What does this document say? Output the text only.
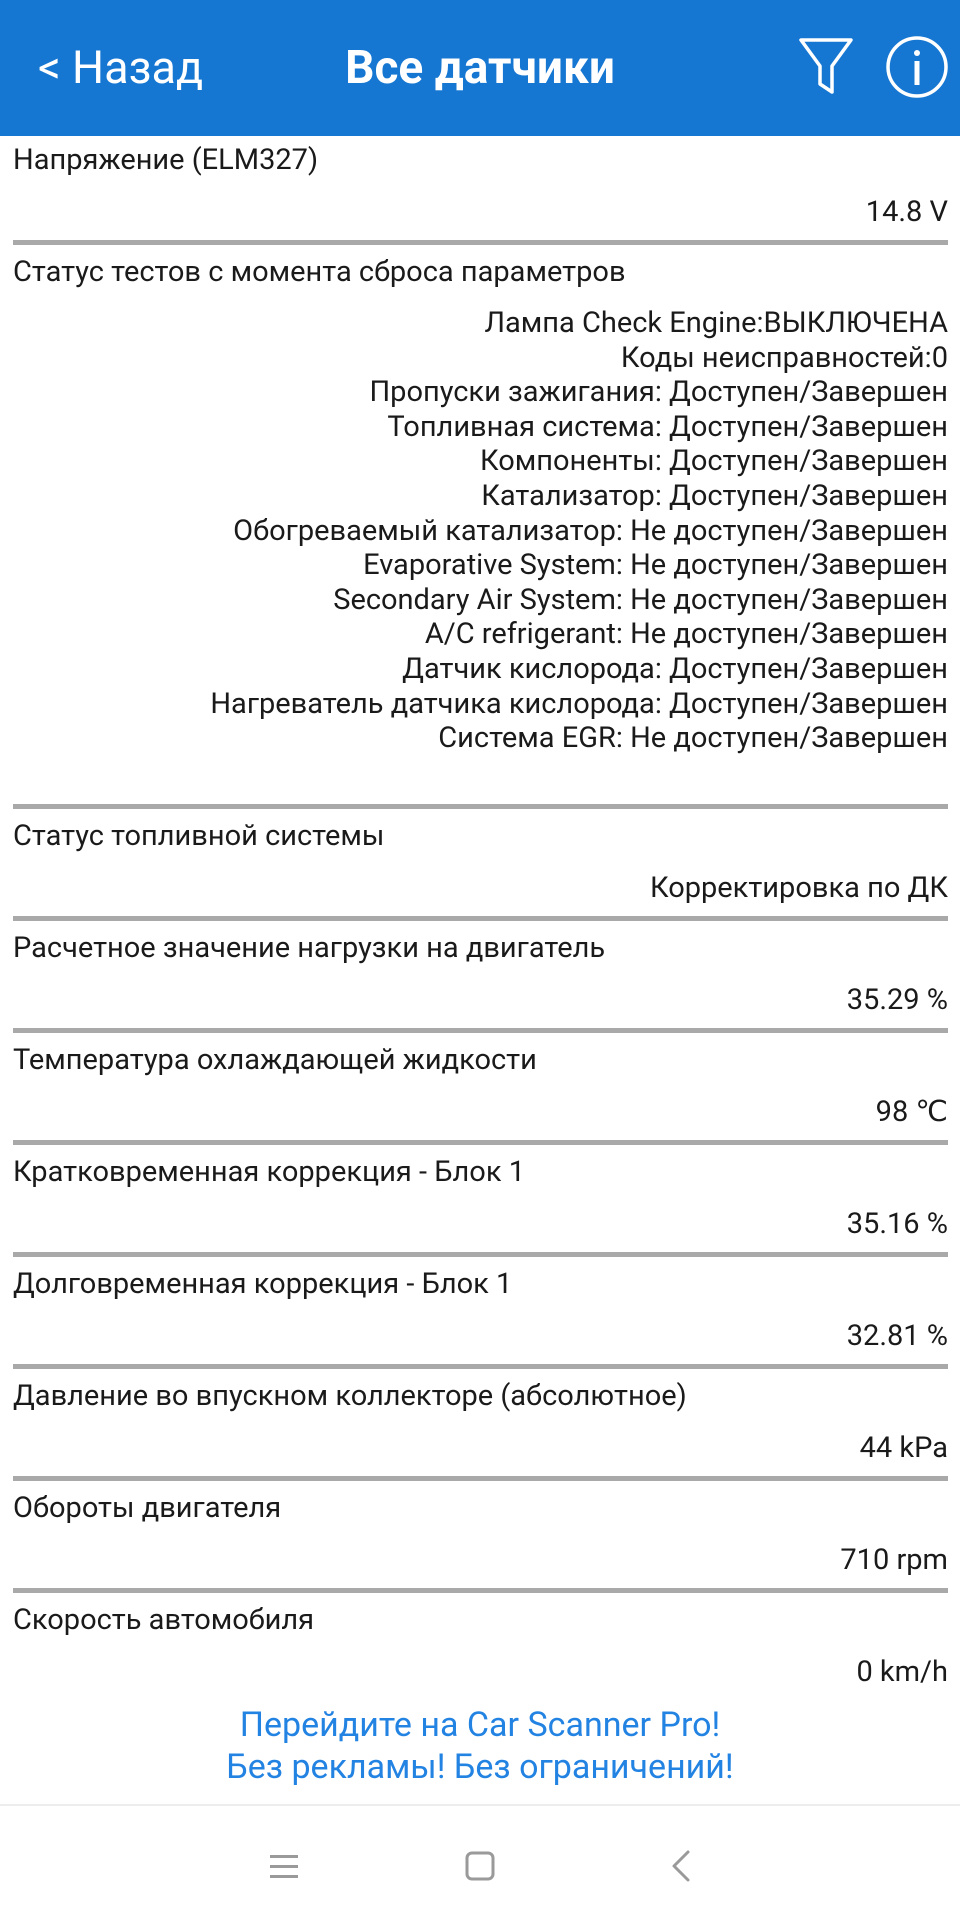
< Назад	Все датчики
Напряжение (ELM327)
14.8 V
Статус тестов с момента сброса параметров
Лампа Check Engine:ВЫКЛЮЧЕНА
Коды неисправностей:0
Пропуски зажигания: Доступен/Завершен
Топливная система: Доступен/Завершен
Компоненты: Доступен/Завершен
Катализатор: Доступен/Завершен
Обогреваемый катализатор: Не доступен/Завершен
Evaporative System: Не доступен/Завершен
Secondary Air System: Не доступен/Завершен
A/C refrigerant: Не доступен/Завершен
Датчик кислорода: Доступен/Завершен
Нагреватель датчика кислорода: Доступен/Завершен
Система EGR: Не доступен/Завершен
Статус топливной системы
Корректировка по ДК
Расчетное значение нагрузки на двигатель
35.29 %
Температура охлаждающей жидкости
98 ℃
Кратковременная коррекция - Блок 1
35.16 %
Долговременная коррекция - Блок 1
32.81 %
Давление во впускном коллекторе (абсолютное)
44 kPa
Обороты двигателя
710 rpm
Скорость автомобиля
0 km/h
Перейдите на Car Scanner Pro!
Без рекламы! Без ограничений!
